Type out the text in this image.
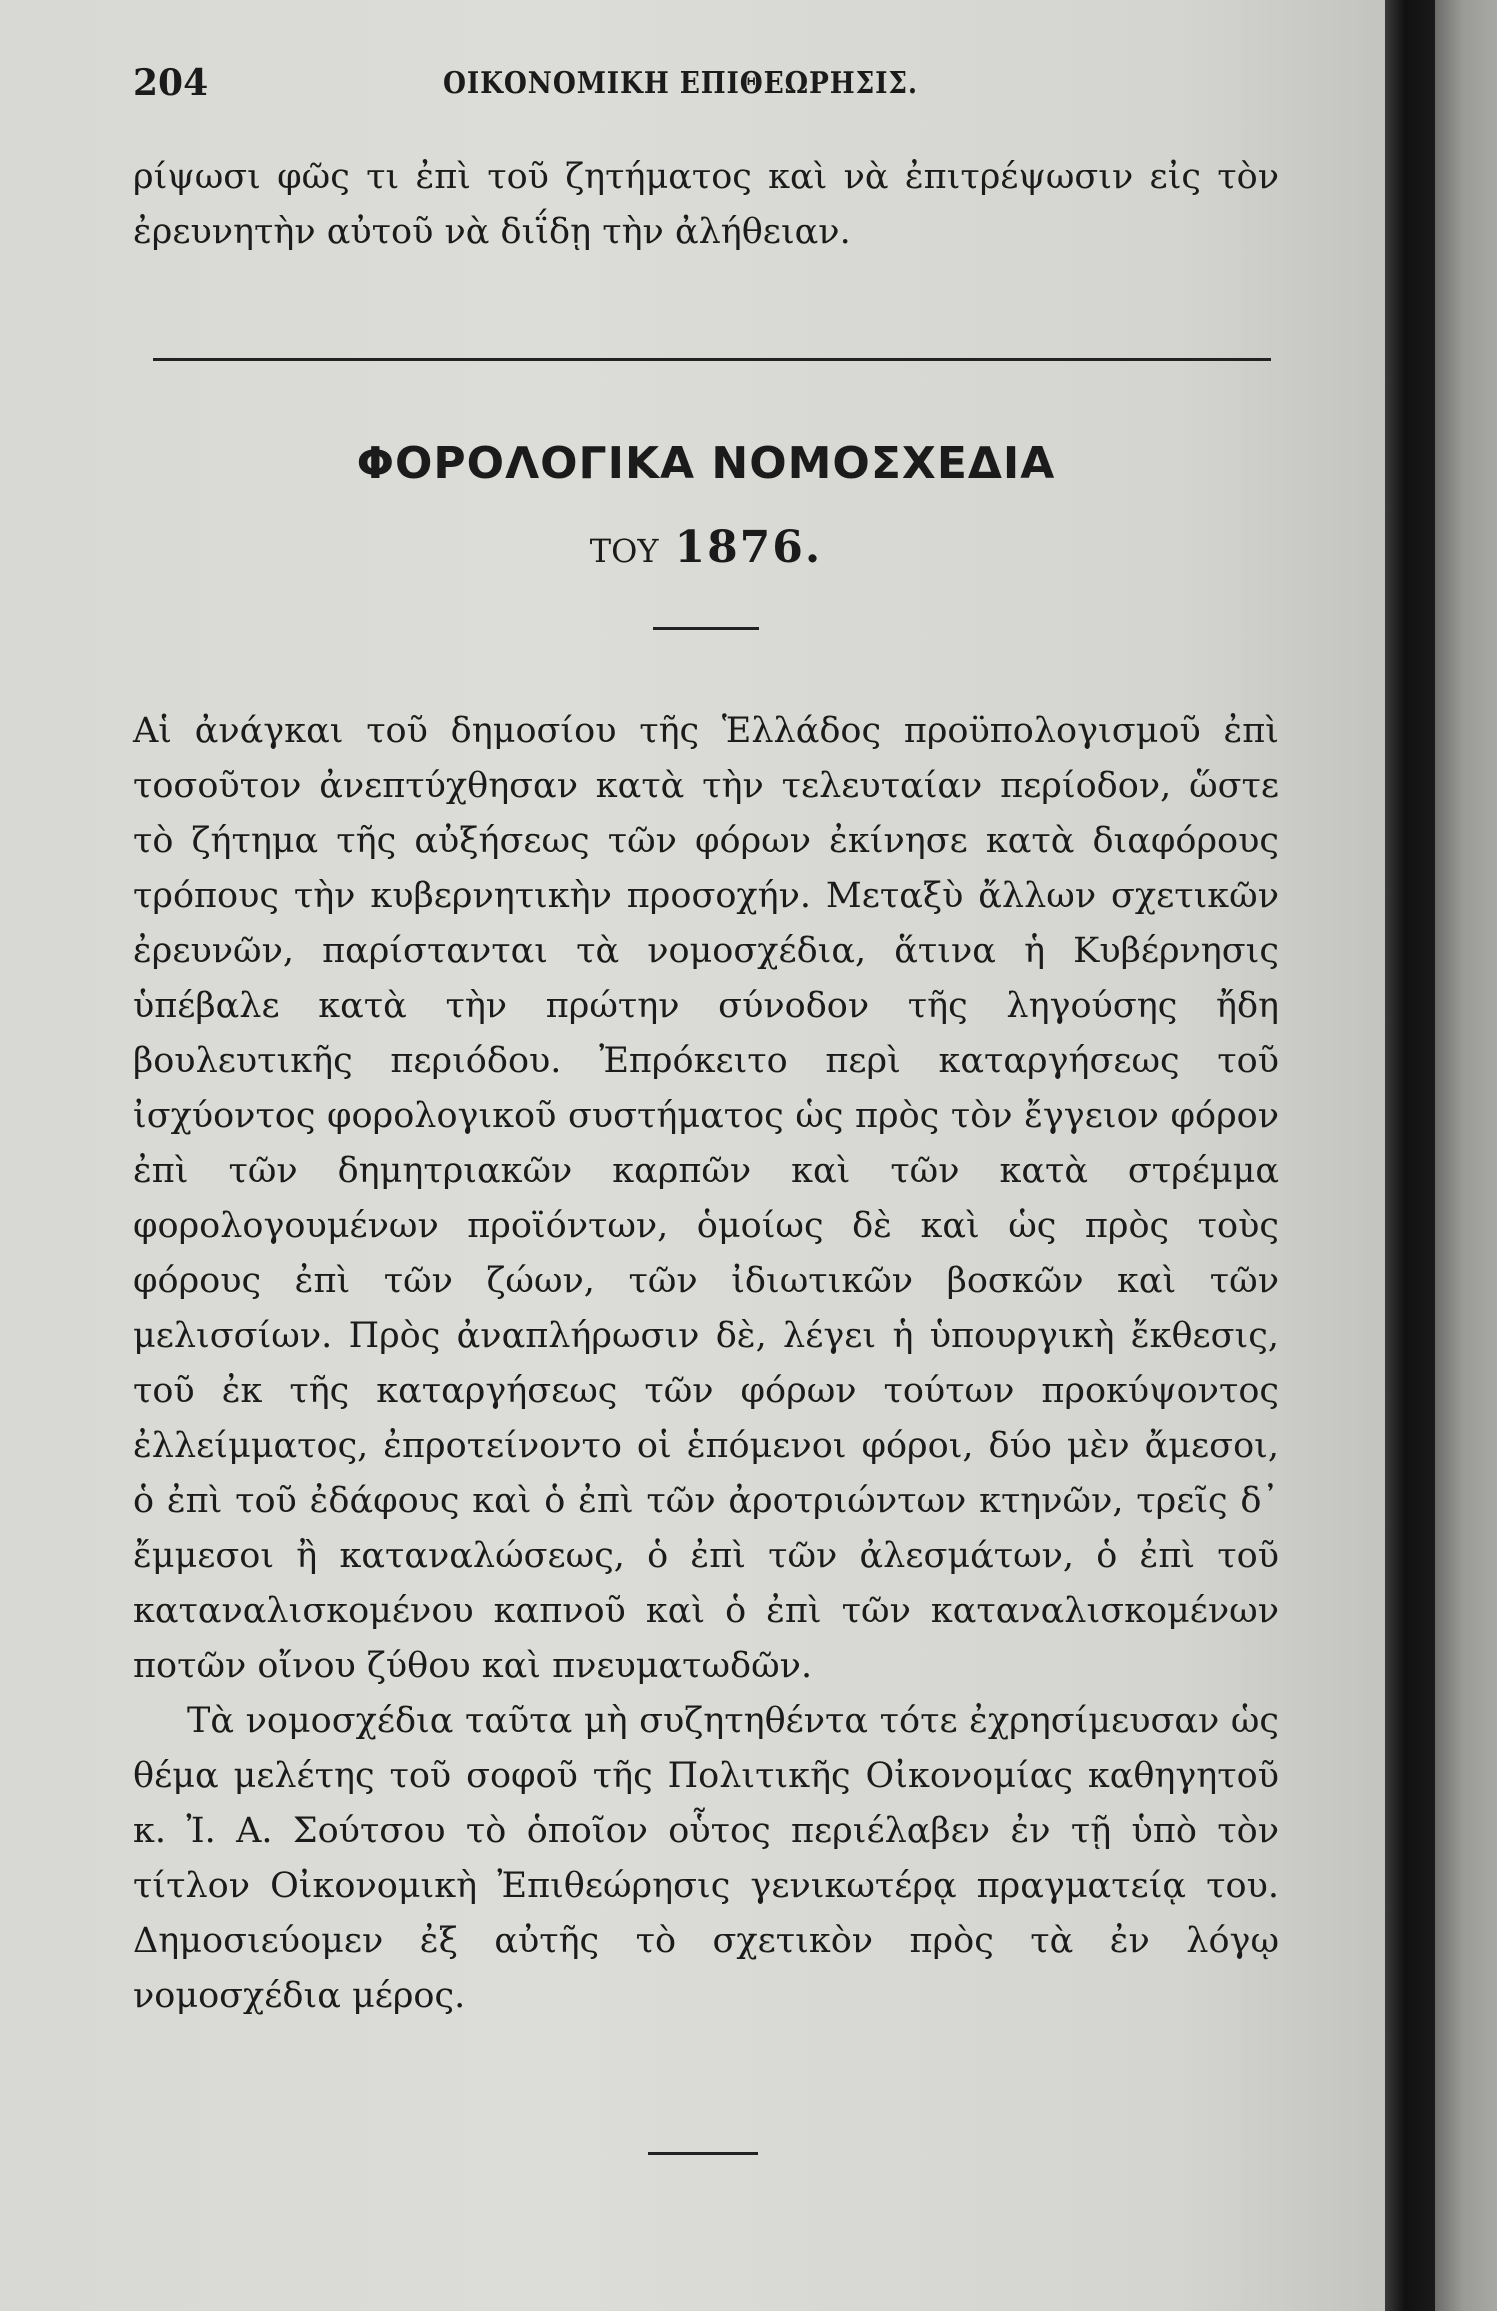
204	ΟΙΚΟΝΟΜΙΚΗ ΕΠΙΘΕΩΡΗΣΙΣ.

ρίψωσι φῶς τι ἐπὶ τοῦ ζητήματος καὶ νὰ ἐπιτρέψωσιν εἰς τὸν ἐρευνητὴν αὐτοῦ νὰ διΐδῃ τὴν ἀλήθειαν.

ΦΟΡΟΛΟΓΙΚΑ ΝΟΜΟΣΧΕΔΙΑ
ΤΟΥ 1876.

Αἱ ἀνάγκαι τοῦ δημοσίου τῆς Ἑλλάδος προϋπολογισμοῦ ἐπὶ τοσοῦτον ἀνεπτύχθησαν κατὰ τὴν τελευταίαν περίοδον, ὥστε τὸ ζήτημα τῆς αὐξήσεως τῶν φόρων ἐκίνησε κατὰ διαφόρους τρόπους τὴν κυβερνητικὴν προσοχήν. Μεταξὺ ἄλλων σχετικῶν ἐρευνῶν, παρίστανται τὰ νομοσχέδια, ἅτινα ἡ Κυβέρνησις ὑπέβαλε κατὰ τὴν πρώτην σύνοδον τῆς ληγούσης ἤδη βουλευτικῆς περιόδου. Ἐπρόκειτο περὶ καταργήσεως τοῦ ἰσχύοντος φορολογικοῦ συστήματος ὡς πρὸς τὸν ἔγγειον φόρον ἐπὶ τῶν δημητριακῶν καρπῶν καὶ τῶν κατὰ στρέμμα φορολογουμένων προϊόντων, ὁμοίως δὲ καὶ ὡς πρὸς τοὺς φόρους ἐπὶ τῶν ζώων, τῶν ἰδιωτικῶν βοσκῶν καὶ τῶν μελισσίων. Πρὸς ἀναπλήρωσιν δὲ, λέγει ἡ ὑπουργικὴ ἔκθεσις, τοῦ ἐκ τῆς καταργήσεως τῶν φόρων τούτων προκύψοντος ἐλλείμματος, ἐπροτείνοντο οἱ ἑπόμενοι φόροι, δύο μὲν ἄμεσοι, ὁ ἐπὶ τοῦ ἐδάφους καὶ ὁ ἐπὶ τῶν ἀροτριώντων κτηνῶν, τρεῖς δ᾽ ἔμμεσοι ἢ καταναλώσεως, ὁ ἐπὶ τῶν ἀλεσμάτων, ὁ ἐπὶ τοῦ καταναλισκομένου καπνοῦ καὶ ὁ ἐπὶ τῶν καταναλισκομένων ποτῶν οἴνου ζύθου καὶ πνευματωδῶν.

Τὰ νομοσχέδια ταῦτα μὴ συζητηθέντα τότε ἐχρησίμευσαν ὡς θέμα μελέτης τοῦ σοφοῦ τῆς Πολιτικῆς Οἰκονομίας καθηγητοῦ κ. Ἰ. Α. Σούτσου τὸ ὁποῖον οὗτος περιέλαβεν ἐν τῇ ὑπὸ τὸν τίτλον Οἰκονομικὴ Ἐπιθεώρησις γενικωτέρᾳ πραγματείᾳ του. Δημοσιεύομεν ἐξ αὐτῆς τὸ σχετικὸν πρὸς τὰ ἐν λόγῳ νομοσχέδια μέρος.
